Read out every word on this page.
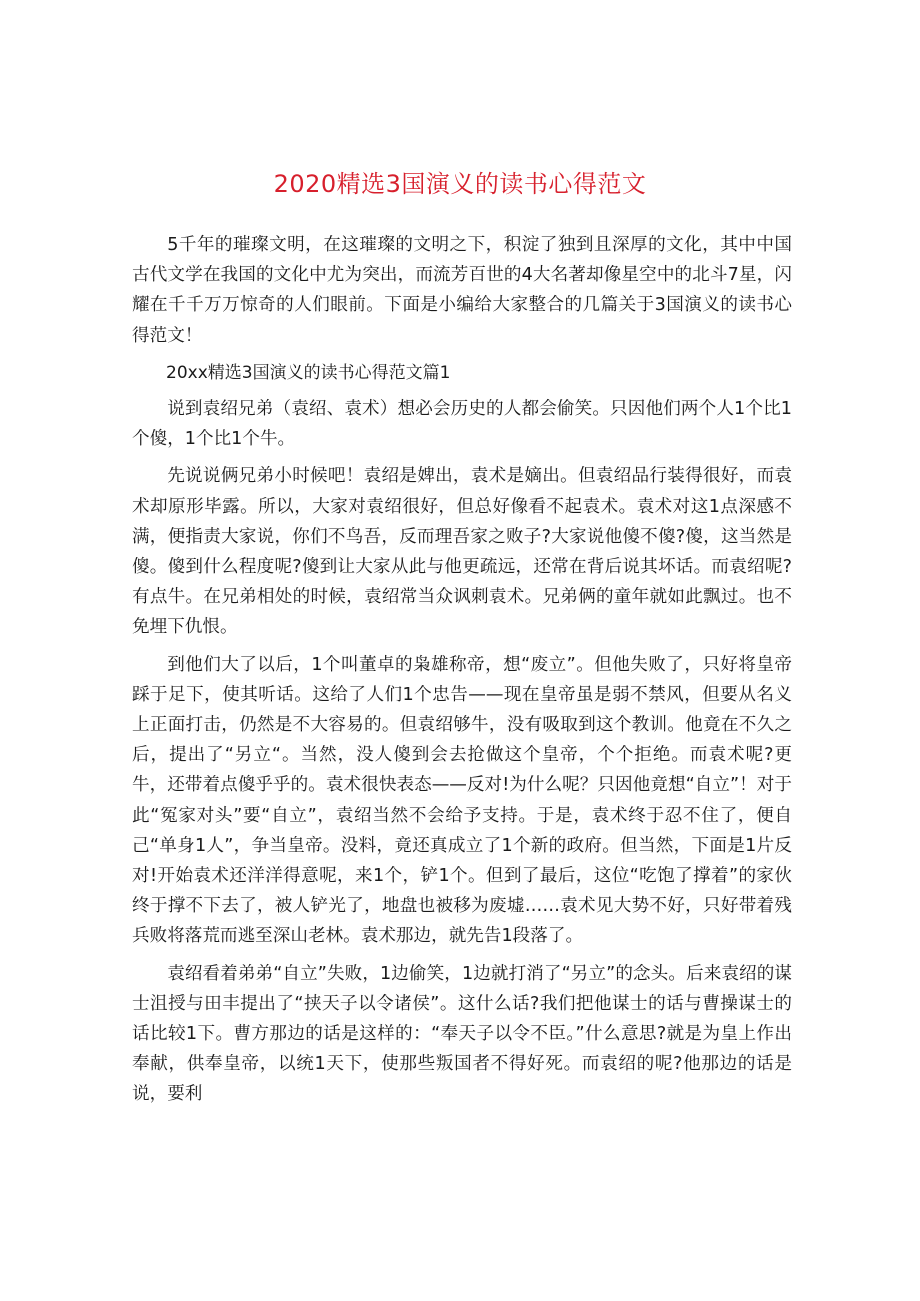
2020精选3国演义的读书心得范文

5千年的璀璨文明，在这璀璨的文明之下，积淀了独到且深厚的文化，其中中国古代文学在我国的文化中尤为突出，而流芳百世的4大名著却像星空中的北斗7星，闪耀在千千万万惊奇的人们眼前。下面是小编给大家整合的几篇关于3国演义的读书心得范文！

20xx精选3国演义的读书心得范文篇1

说到袁绍兄弟（袁绍、袁术）想必会历史的人都会偷笑。只因他们两个人1个比1个傻，1个比1个牛。

先说说俩兄弟小时候吧！袁绍是婢出，袁术是嫡出。但袁绍品行装得很好，而袁术却原形毕露。所以，大家对袁绍很好，但总好像看不起袁术。袁术对这1点深感不满，便指责大家说，你们不鸟吾，反而理吾家之败子?大家说他傻不傻?傻，这当然是傻。傻到什么程度呢?傻到让大家从此与他更疏远，还常在背后说其坏话。而袁绍呢?有点牛。在兄弟相处的时候，袁绍常当众讽刺袁术。兄弟俩的童年就如此飘过。也不免埋下仇恨。

到他们大了以后，1个叫董卓的枭雄称帝，想“废立”。但他失败了，只好将皇帝踩于足下，使其听话。这给了人们1个忠告——现在皇帝虽是弱不禁风，但要从名义上正面打击，仍然是不大容易的。但袁绍够牛，没有吸取到这个教训。他竟在不久之后，提出了“另立“。当然，没人傻到会去抢做这个皇帝，个个拒绝。而袁术呢?更牛，还带着点傻乎乎的。袁术很快表态——反对!为什么呢？只因他竟想“自立”！对于此“冤家对头”要“自立”，袁绍当然不会给予支持。于是，袁术终于忍不住了，便自己“单身1人”，争当皇帝。没料，竟还真成立了1个新的政府。但当然，下面是1片反对!开始袁术还洋洋得意呢，来1个，铲1个。但到了最后，这位“吃饱了撑着”的家伙终于撑不下去了，被人铲光了，地盘也被移为废墟……袁术见大势不好，只好带着残兵败将落荒而逃至深山老林。袁术那边，就先告1段落了。

袁绍看着弟弟“自立”失败，1边偷笑，1边就打消了“另立”的念头。后来袁绍的谋士沮授与田丰提出了“挟天子以令诸侯”。这什么话?我们把他谋士的话与曹操谋士的话比较1下。曹方那边的话是这样的：“奉天子以令不臣。”什么意思?就是为皇上作出奉献，供奉皇帝，以统1天下，使那些叛国者不得好死。而袁绍的呢?他那边的话是说，要利
